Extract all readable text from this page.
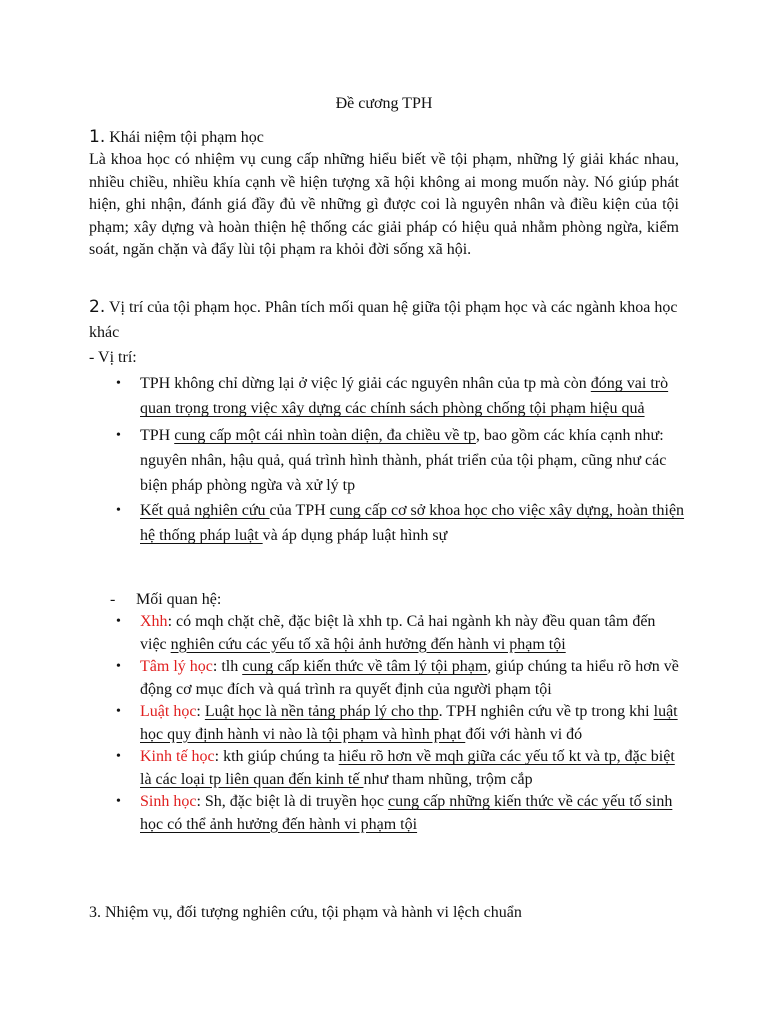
Đề cương TPH
1. Khái niệm tội phạm học
Là khoa học có nhiệm vụ cung cấp những hiểu biết về tội phạm, những lý giải khác nhau, nhiều chiều, nhiều khía cạnh về hiện tượng xã hội không ai mong muốn này. Nó giúp phát hiện, ghi nhận, đánh giá đầy đủ về những gì được coi là nguyên nhân và điều kiện của tội phạm; xây dựng và hoàn thiện hệ thống các giải pháp có hiệu quả nhằm phòng ngừa, kiểm soát, ngăn chặn và đẩy lùi tội phạm ra khỏi đời sống xã hội.
2. Vị trí của tội phạm học. Phân tích mối quan hệ giữa tội phạm học và các ngành khoa học khác
- Vị trí:
• TPH không chỉ dừng lại ở việc lý giải các nguyên nhân của tp mà còn đóng vai trò quan trọng trong việc xây dựng các chính sách phòng chống tội phạm hiệu quả
• TPH cung cấp một cái nhìn toàn diện, đa chiều về tp, bao gồm các khía cạnh như: nguyên nhân, hậu quả, quá trình hình thành, phát triển của tội phạm, cũng như các biện pháp phòng ngừa và xử lý tp
• Kết quả nghiên cứu của TPH cung cấp cơ sở khoa học cho việc xây dựng, hoàn thiện hệ thống pháp luật và áp dụng pháp luật hình sự
- Mối quan hệ:
• Xhh: có mqh chặt chẽ, đặc biệt là xhh tp. Cả hai ngành kh này đều quan tâm đến việc nghiên cứu các yếu tố xã hội ảnh hưởng đến hành vi phạm tội
• Tâm lý học: tlh cung cấp kiến thức về tâm lý tội phạm, giúp chúng ta hiểu rõ hơn về động cơ mục đích và quá trình ra quyết định của người phạm tội
• Luật học: Luật học là nền tảng pháp lý cho thp. TPH nghiên cứu về tp trong khi luật học quy định hành vi nào là tội phạm và hình phạt đối với hành vi đó
• Kinh tế học: kth giúp chúng ta hiểu rõ hơn về mqh giữa các yếu tố kt và tp, đặc biệt là các loại tp liên quan đến kinh tế như tham nhũng, trộm cắp
• Sinh học: Sh, đặc biệt là di truyền học cung cấp những kiến thức về các yếu tố sinh học có thể ảnh hưởng đến hành vi phạm tội
3. Nhiệm vụ, đối tượng nghiên cứu, tội phạm và hành vi lệch chuẩn
